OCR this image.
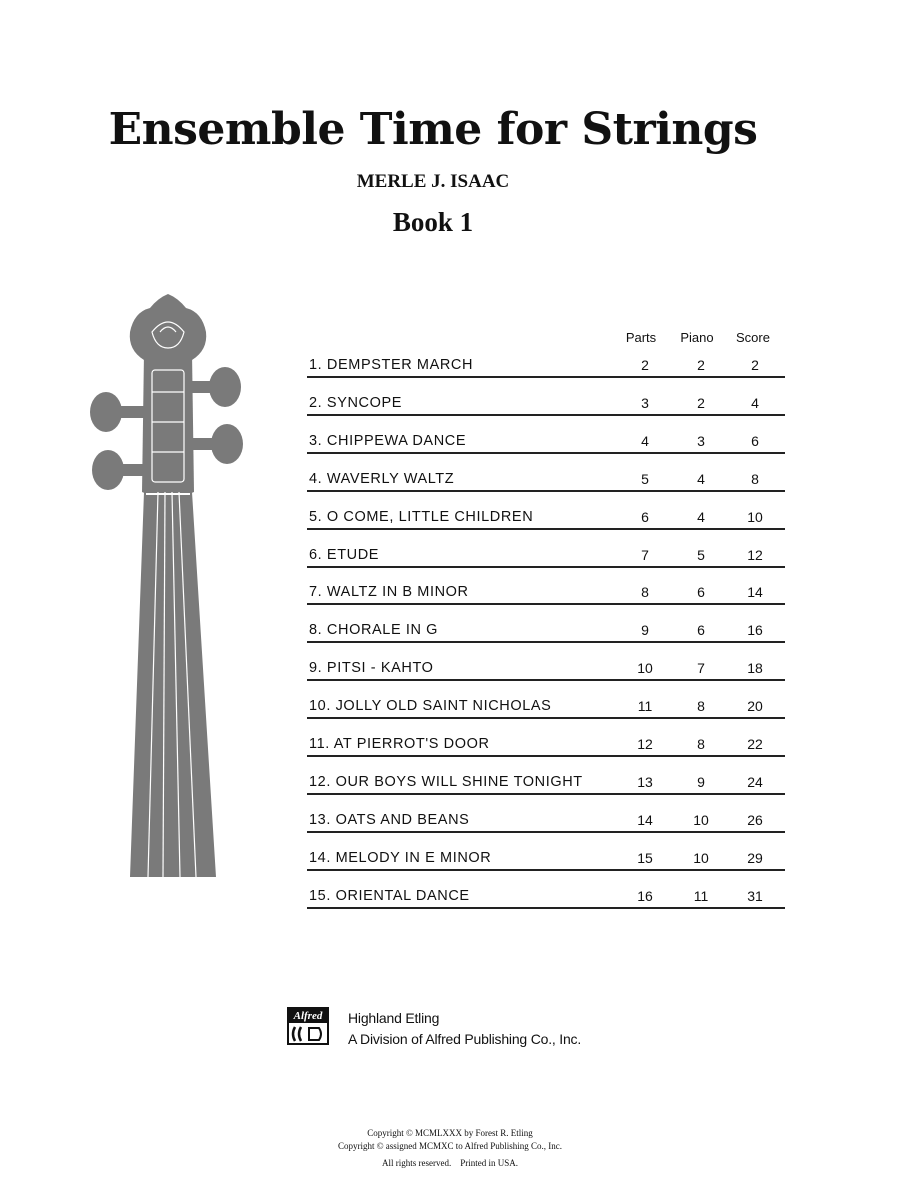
Ensemble Time for Strings
MERLE J. ISAAC
Book 1
Parts	Piano	Score
1. DEMPSTER MARCH	2	2	2
2. SYNCOPE	3	2	4
3. CHIPPEWA DANCE	4	3	6
4. WAVERLY WALTZ	5	4	8
5. O COME, LITTLE CHILDREN	6	4	10
6. ETUDE	7	5	12
7. WALTZ IN B MINOR	8	6	14
8. CHORALE IN G	9	6	16
9. PITSI - KAHTO	10	7	18
10. JOLLY OLD SAINT NICHOLAS	11	8	20
11. AT PIERROT'S DOOR	12	8	22
12. OUR BOYS WILL SHINE TONIGHT	13	9	24
13. OATS AND BEANS	14	10	26
14. MELODY IN E MINOR	15	10	29
15. ORIENTAL DANCE	16	11	31
Alfred	Highland Etling
A Division of Alfred Publishing Co., Inc.
Copyright © MCMLXXX by Forest R. Etling
Copyright © assigned MCMXC to Alfred Publishing Co., Inc.
All rights reserved.    Printed in USA.
